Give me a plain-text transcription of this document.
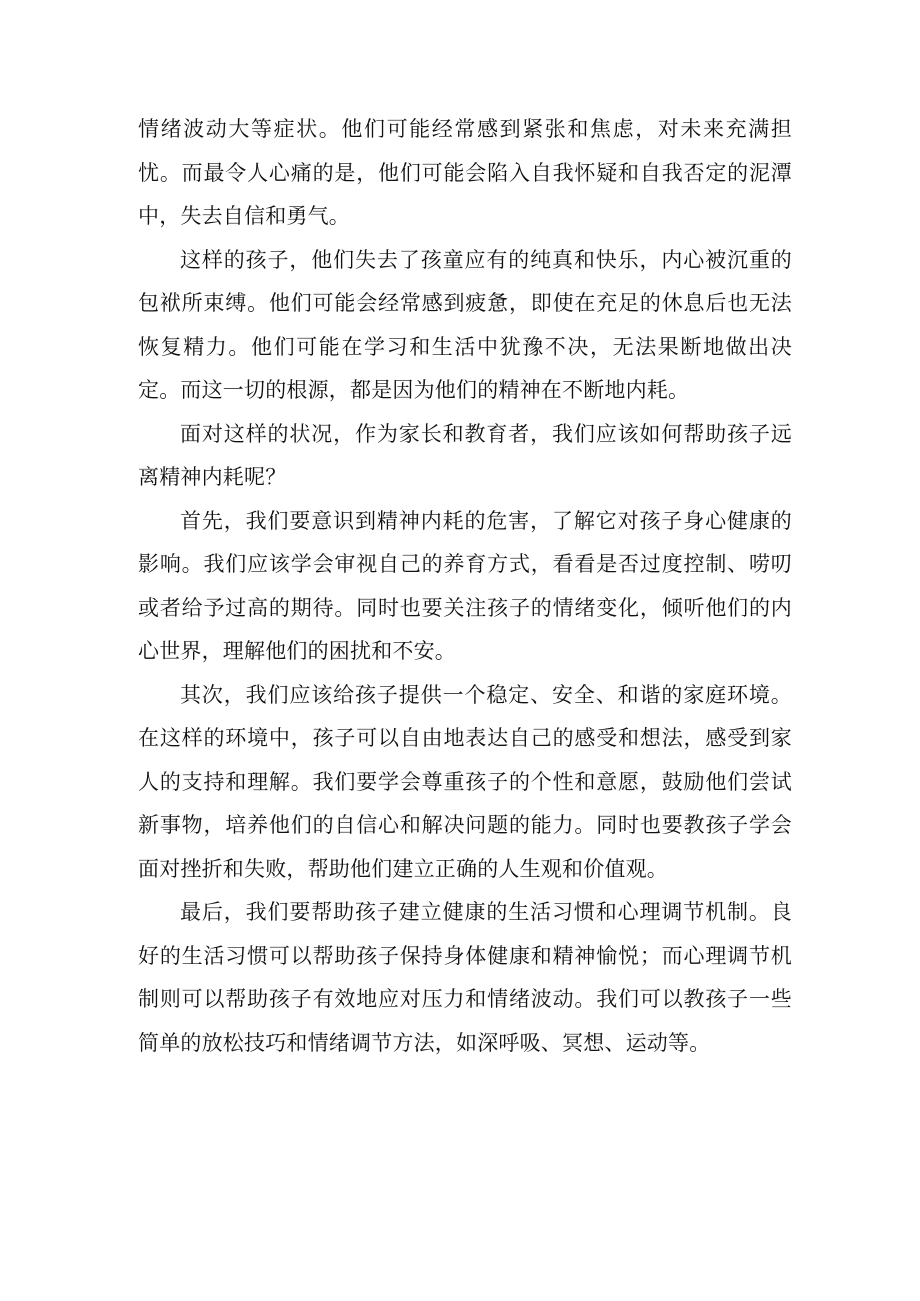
情绪波动大等症状。他们可能经常感到紧张和焦虑，对未来充满担忧。而最令人心痛的是，他们可能会陷入自我怀疑和自我否定的泥潭中，失去自信和勇气。

这样的孩子，他们失去了孩童应有的纯真和快乐，内心被沉重的包袱所束缚。他们可能会经常感到疲惫，即使在充足的休息后也无法恢复精力。他们可能在学习和生活中犹豫不决，无法果断地做出决定。而这一切的根源，都是因为他们的精神在不断地内耗。

面对这样的状况，作为家长和教育者，我们应该如何帮助孩子远离精神内耗呢？

首先，我们要意识到精神内耗的危害，了解它对孩子身心健康的影响。我们应该学会审视自己的养育方式，看看是否过度控制、唠叨或者给予过高的期待。同时也要关注孩子的情绪变化，倾听他们的内心世界，理解他们的困扰和不安。

其次，我们应该给孩子提供一个稳定、安全、和谐的家庭环境。在这样的环境中，孩子可以自由地表达自己的感受和想法，感受到家人的支持和理解。我们要学会尊重孩子的个性和意愿，鼓励他们尝试新事物，培养他们的自信心和解决问题的能力。同时也要教孩子学会面对挫折和失败，帮助他们建立正确的人生观和价值观。

最后，我们要帮助孩子建立健康的生活习惯和心理调节机制。良好的生活习惯可以帮助孩子保持身体健康和精神愉悦；而心理调节机制则可以帮助孩子有效地应对压力和情绪波动。我们可以教孩子一些简单的放松技巧和情绪调节方法，如深呼吸、冥想、运动等。
